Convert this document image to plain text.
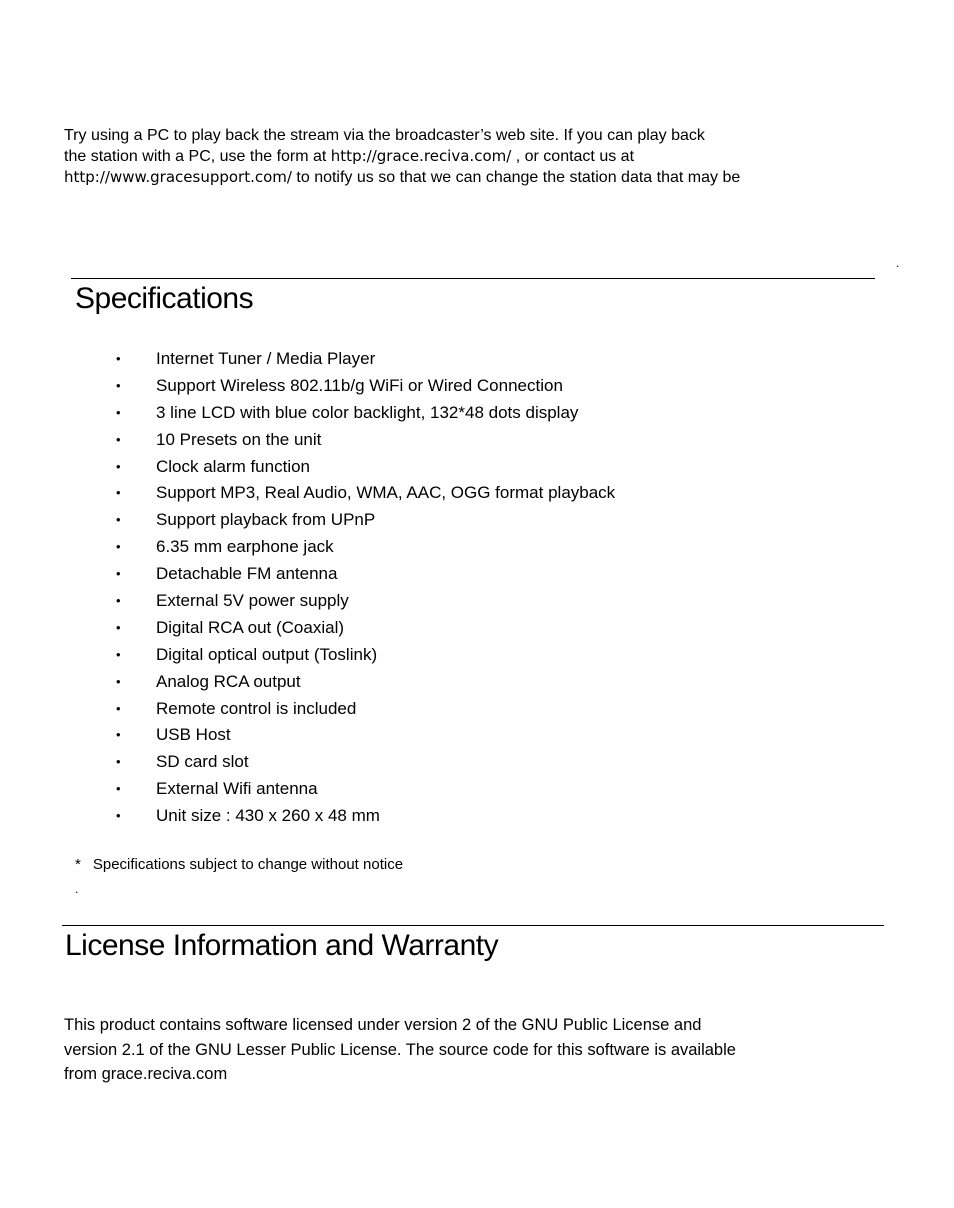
Try using a PC to play back the stream via the broadcaster’s web site. If you can play back
the station with a PC, use the form at http://grace.reciva.com/ , or contact us at
http://www.gracesupport.com/ to notify us so that we can change the station data that may be
.
Specifications
• Internet Tuner / Media Player
• Support Wireless 802.11b/g WiFi or Wired Connection
• 3 line LCD with blue color backlight, 132*48 dots display
• 10 Presets on the unit
• Clock alarm function
• Support MP3, Real Audio, WMA, AAC, OGG format playback
• Support playback from UPnP
• 6.35 mm earphone jack
• Detachable FM antenna
• External 5V power supply
• Digital RCA out (Coaxial)
• Digital optical output (Toslink)
• Analog RCA output
• Remote control is included
• USB Host
• SD card slot
• External Wifi antenna
• Unit size : 430 x 260 x 48 mm
* Specifications subject to change without notice
.
License Information and Warranty
This product contains software licensed under version 2 of the GNU Public License and
version 2.1 of the GNU Lesser Public License. The source code for this software is available
from grace.reciva.com
